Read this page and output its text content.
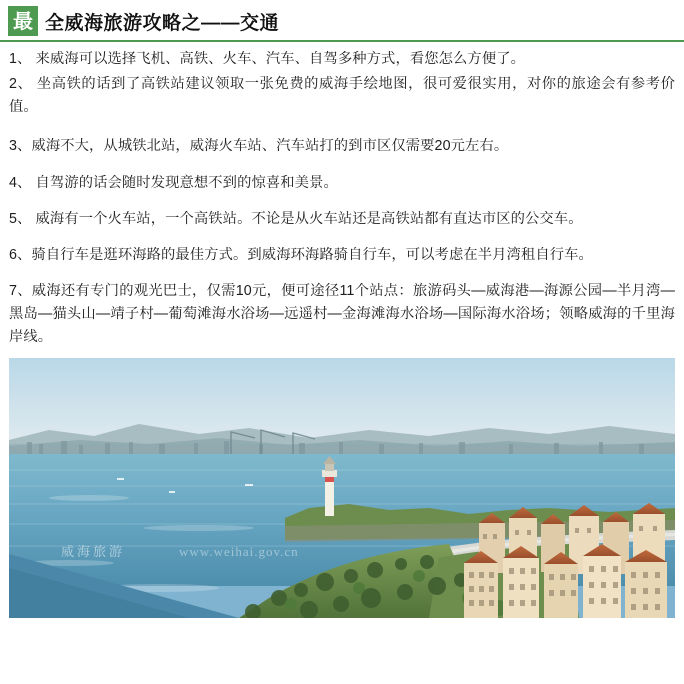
最 全威海旅游攻略之——交通

1、 来威海可以选择飞机、高铁、火车、汽车、自驾多种方式，看您怎么方便了。

2、 坐高铁的话到了高铁站建议领取一张免费的威海手绘地图，很可爱很实用，对你的旅途会有参考价值。

3、威海不大，从城铁北站，威海火车站、汽车站打的到市区仅需要20元左右。

4、 自驾游的话会随时发现意想不到的惊喜和美景。

5、 威海有一个火车站，一个高铁站。不论是从火车站还是高铁站都有直达市区的公交车。

6、骑自行车是逛环海路的最佳方式。到威海环海路骑自行车，可以考虑在半月湾租自行车。

7、威海还有专门的观光巴士，仅需10元，便可途径11个站点：旅游码头—威海港—海源公园—半月湾—黑岛—猫头山—靖子村—葡萄滩海水浴场—远遥村—金海滩海水浴场—国际海水浴场；领略威海的千里海岸线。

威海旅游	www.weihai.gov.cn
